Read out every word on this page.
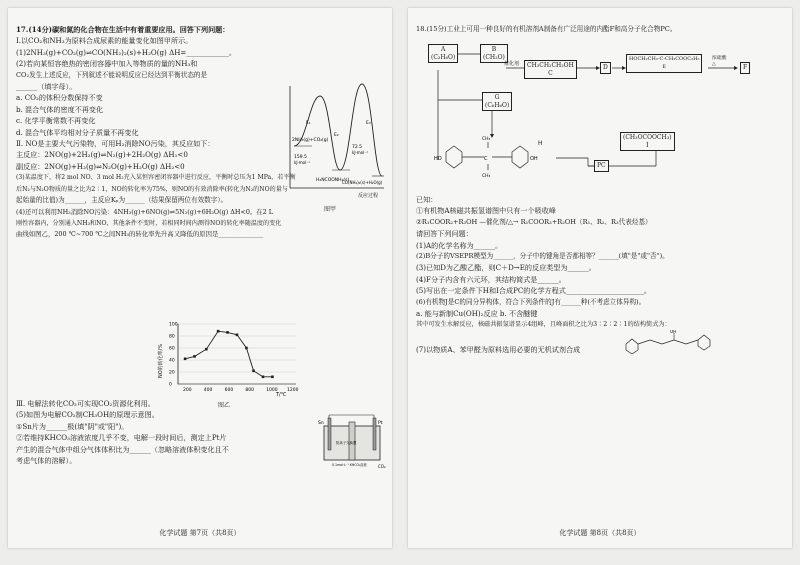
17.(14分)碳和氮的化合物在生活中有着重要应用。回答下列问题：
Ⅰ.以CO₂和NH₃为原料合成尿素的能量变化如图甲所示。
(1)2NH₃(g)+CO₂(g)⇌CO(NH₂)₂(s)+H₂O(g) ΔH=____________。
(2)若向某恒容绝热的密闭容器中加入等物质的量的NH₃和
CO₂发生上述反应，下列叙述不能说明反应已经达到平衡状态的是
______（填字母）。
a. CO₂的体积分数保持不变
b. 混合气体的密度不再变化
c. 化学平衡常数不再变化
d. 混合气体平均相对分子质量不再变化
Ⅱ. NO是主要大气污染物，可用H₂消除NO污染，其反应如下：
主反应：2NO(g)+2H₂(g)⇌N₂(g)+2H₂O(g) ΔH₁<0
副反应：2NO(g)+H₂(g)⇌N₂O(g)+H₂O(g) ΔH₂<0
(3)某温度下，将2 mol NO、3 mol H₂充入某恒容密闭容器中进行反应，平衡时总压为1 MPa，若平衡
后N₂与N₂O物质的量之比为2∶1，NO的转化率为75%，则NO的有效消除率(转化为N₂的NO的量与
起始量的比值)为______，主反应Kₚ为______（结果保留两位有效数字）。
(4)还可以利用NH₃消除NO污染：4NH₃(g)+6NO(g)⇌5N₂(g)+6H₂O(g) ΔH<0。在2 L
刚性容器内，分别通入NH₃和NO，其他条件不变时，若相同时间内测得NO的转化率随温度的变化
曲线如图乙，200 ℃~700 ℃之间NH₃的转化率先升高又降低的原因是______________
Ⅲ. 电解法转化CO₂可实现CO₂资源化利用。
(5)如图为电解CO₂制CH₃OH的原理示意图。
①Sn片为______极(填"阴"或"阳")。
②若维持KHCO₃溶液浓度几乎不变，电解一段时间后，测定上Pt片
产生的混合气体中组分气体体积比为______（忽略溶液体积变化且不
考虑气体的溶解）。
2NH₃(g)+CO₂(g)
H₂NCOONH₄(s)
CO(NH₂)₂(s)+H₂O(g)
159.5
kJ·mol⁻¹
72.5
kJ·mol⁻¹
E₁
E₂
E₃
反应过程
图甲
200	400	600	800	1000 1200
0
20
40
60
80
100
NO的转化率/%
T/℃
图乙
Sn	Pt
阳离子交换膜
0.1mol·L⁻¹ KHCO₃溶液	CO₂
化学试题 第7页（共8页）
18.(15分)工业上可用一种良好的有机溶剂A制备有广泛用途的内酯F和高分子化合物PC。
HO	OH
CH₃
CH₃
C
A
(C₃H₆O)
B
(CH₂O)
催化剂	CH₃CH₂CH₂OH
C
D
HOCH₂CH₂-C-CH₂COOC₂H₅
E
浓硫酸
△	F
G
(C₆H₆O)
H
(CH₃OCOOCH₃)
I
PC
已知：
①有机物A核磁共振氢谱图中只有一个吸收峰
②R₁COOR₂+R₃OH —催化剂/△→ R₁COOR₃+R₂OH（R₁、R₂、R₃代表烃基）
请回答下列问题：
(1)A的化学名称为______。
(2)B分子的VSEPR模型为______，分子中的键角是否都相等？______(填"是"或"否")。
(3)已知D为乙酸乙酯，则C＋D→E的反应类型为______。
(4)F分子内含有六元环，其结构简式是______。
(5)写出在一定条件下H和I合成PC的化学方程式______________________。
(6)有机物J是C的同分异构体，符合下列条件的J有______种(不考虑立体异构)。
a. 能与新制Cu(OH)₂反应 b. 不含醚键
其中可发生水解反应，核磁共振氢谱显示4组峰，且峰面积之比为3∶2∶2∶1的结构简式为：
(7)以物质A、苯甲醛为原料选用必要的无机试剂合成
OH
化学试题 第8页（共8页）
